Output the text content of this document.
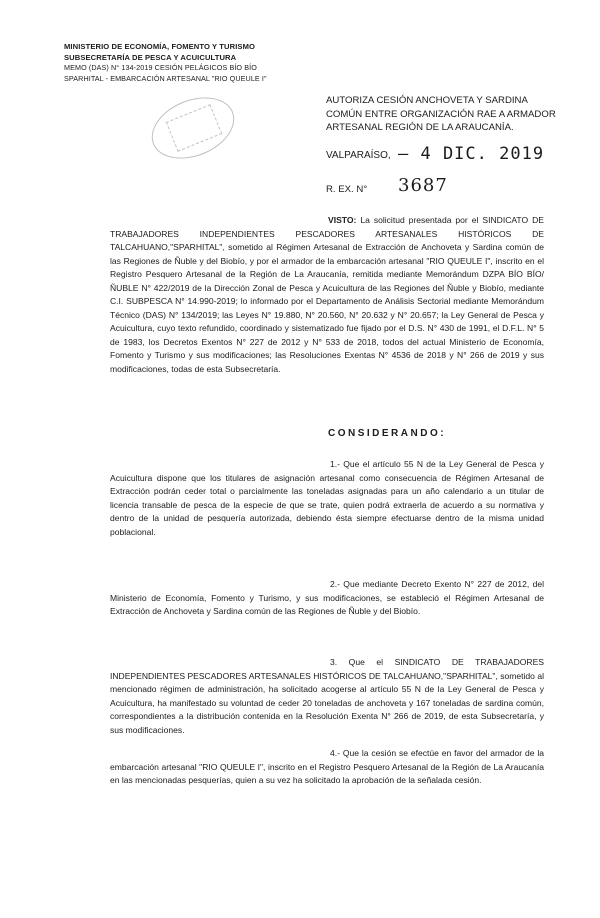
MINISTERIO DE ECONOMÍA, FOMENTO Y TURISMO
SUBSECRETARÍA DE PESCA Y ACUICULTURA
MEMO (DAS) N° 134-2019 CESIÓN PELÁGICOS BÍO BÍO
SPARHITAL - EMBARCACIÓN ARTESANAL "RIO QUEULE I"
AUTORIZA CESIÓN ANCHOVETA Y SARDINA COMÚN ENTRE ORGANIZACIÓN RAE A ARMADOR ARTESANAL REGIÓN DE LA ARAUCANÍA.
VALPARAÍSO, – 4 DIC. 2019
R. EX. N° 3687
VISTO: La solicitud presentada por el SINDICATO DE TRABAJADORES INDEPENDIENTES PESCADORES ARTESANALES HISTÓRICOS DE TALCAHUANO,"SPARHITAL", sometido al Régimen Artesanal de Extracción de Anchoveta y Sardina común de las Regiones de Ñuble y del Biobío, y por el armador de la embarcación artesanal "RIO QUEULE I", inscrito en el Registro Pesquero Artesanal de la Región de La Araucanía, remitida mediante Memorándum DZPA BÍO BÍO/ÑUBLE N° 422/2019 de la Dirección Zonal de Pesca y Acuicultura de las Regiones del Ñuble y Biobío, mediante C.I. SUBPESCA N° 14.990-2019; lo informado por el Departamento de Análisis Sectorial mediante Memorándum Técnico (DAS) N° 134/2019; las Leyes N° 19.880, N° 20.560, N° 20.632 y N° 20.657; la Ley General de Pesca y Acuicultura, cuyo texto refundido, coordinado y sistematizado fue fijado por el D.S. N° 430 de 1991, el D.F.L. N° 5 de 1983, los Decretos Exentos N° 227 de 2012 y N° 533 de 2018, todos del actual Ministerio de Economía, Fomento y Turismo y sus modificaciones; las Resoluciones Exentas N° 4536 de 2018 y N° 266 de 2019 y sus modificaciones, todas de esta Subsecretaría.
CONSIDERANDO:
1.- Que el artículo 55 N de la Ley General de Pesca y Acuicultura dispone que los titulares de asignación artesanal como consecuencia de Régimen Artesanal de Extracción podrán ceder total o parcialmente las toneladas asignadas para un año calendario a un titular de licencia transable de pesca de la especie de que se trate, quien podrá extraerla de acuerdo a su normativa y dentro de la unidad de pesquería autorizada, debiendo ésta siempre efectuarse dentro de la misma unidad poblacional.
2.- Que mediante Decreto Exento N° 227 de 2012, del Ministerio de Economía, Fomento y Turismo, y sus modificaciones, se estableció el Régimen Artesanal de Extracción de Anchoveta y Sardina común de las Regiones de Ñuble y del Biobío.
3. Que el SINDICATO DE TRABAJADORES INDEPENDIENTES PESCADORES ARTESANALES HISTÓRICOS DE TALCAHUANO,"SPARHITAL", sometido al mencionado régimen de administración, ha solicitado acogerse al artículo 55 N de la Ley General de Pesca y Acuicultura, ha manifestado su voluntad de ceder 20 toneladas de anchoveta y 167 toneladas de sardina común, correspondientes a la distribución contenida en la Resolución Exenta N° 266 de 2019, de esta Subsecretaría, y sus modificaciones.
4.- Que la cesión se efectúe en favor del armador de la embarcación artesanal "RIO QUEULE I", inscrito en el Registro Pesquero Artesanal de la Región de La Araucanía en las mencionadas pesquerías, quien a su vez ha solicitado la aprobación de la señalada cesión.
